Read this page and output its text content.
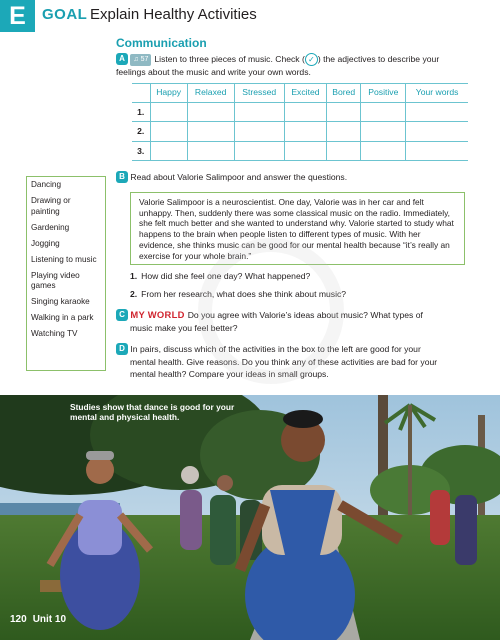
E	GOAL Explain Healthy Activities
Communication
A ♫ 57 Listen to three pieces of music. Check ( ✓ ) the adjectives to describe your
feelings about the music and write your own words.
	Happy	Relaxed	Stressed	Excited	Bored	Positive	Your words
1.							
2.							
3.							
Dancing
Drawing or painting
Gardening
Jogging
Listening to music
Playing video games
Singing karaoke
Walking in a park
Watching TV
B Read about Valorie Salimpoor and answer the questions.
Valorie Salimpoor is a neuroscientist. One day, Valorie was in her car and felt unhappy. Then, suddenly there was some classical music on the radio. Immediately, she felt much better and she wanted to understand why. Valorie started to study what happens to the brain when people listen to different types of music. With her evidence, she thinks music can be good for our mental health because “it’s really an exercise for your whole brain.”
1. How did she feel one day? What happened?
2. From her research, what does she think about music?
C MY WORLD Do you agree with Valorie’s ideas about music? What types of
music make you feel better?
D In pairs, discuss which of the activities in the box to the left are good for your
mental health. Give reasons. Do you think any of these activities are bad for your
mental health? Compare your ideas in small groups.
Studies show that dance is good for your mental and physical health.
120 Unit 10
